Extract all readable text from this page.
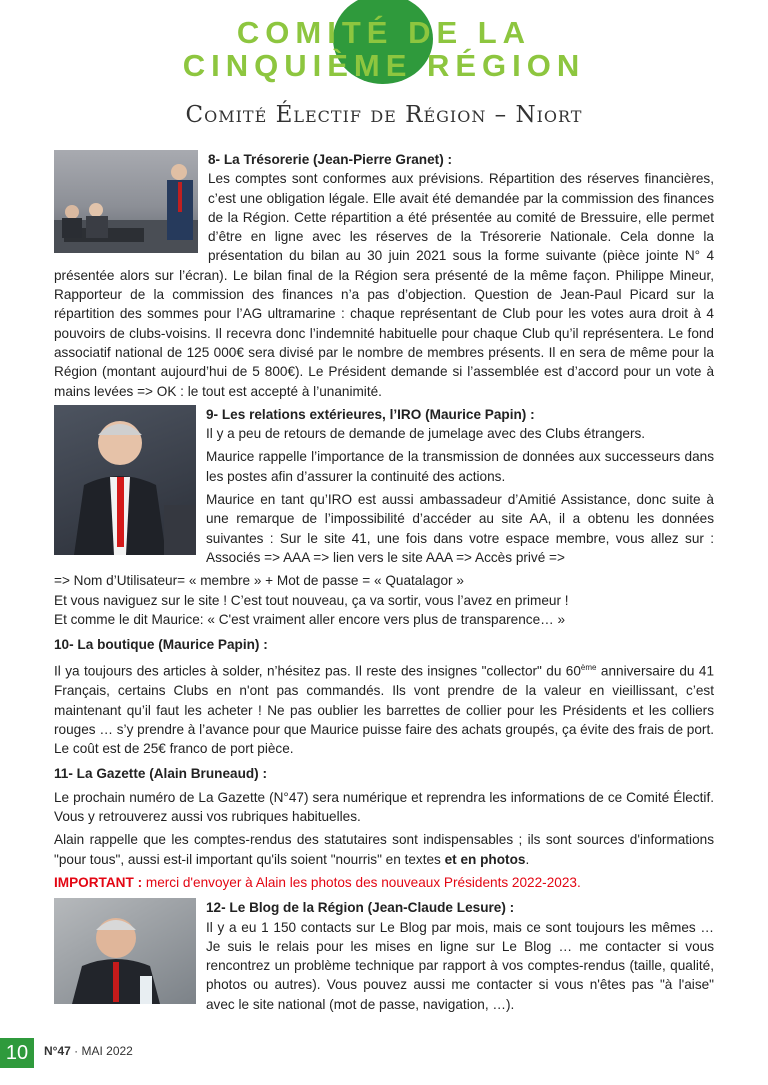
COMITÉ DE LA
CINQUIÈME RÉGION
Comité Électif de Région – Niort

8- La Trésorerie (Jean-Pierre Granet) :

Les comptes sont conformes aux prévisions. Répartition des réserves financières, c’est une obligation légale. Elle avait été demandée par la commission des finances de la Région. Cette répartition a été présentée au comité de Bressuire, elle permet d’être en ligne avec les réserves de la Trésorerie Nationale. Cela donne la présentation du bilan au 30 juin 2021 sous la forme suivante (pièce jointe N° 4 présentée alors sur l’écran). Le bilan final de la Région sera présenté de la même façon. Philippe Mineur, Rapporteur de la commission des finances n’a pas d’objection. Question de Jean-Paul Picard sur la répartition des sommes pour l’AG ultramarine : chaque représentant de Club pour les votes aura droit à 4 pouvoirs de clubs-voisins. Il recevra donc l’indemnité habituelle pour chaque Club qu’il représentera. Le fond associatif national de 125 000€ sera divisé par le nombre de membres présents. Il en sera de même pour la Région (montant aujourd’hui de 5 800€). Le Président demande si l’assemblée est d’accord pour un vote à mains levées => OK : le tout est accepté à l’unanimité.

9- Les relations extérieures, l’IRO (Maurice Papin) :

Il y a peu de retours de demande de jumelage avec des Clubs étrangers.

Maurice rappelle l’importance de la transmission de données aux successeurs dans les postes afin d’assurer la continuité des actions.

Maurice en tant qu’IRO est aussi ambassadeur d’Amitié Assistance, donc suite à une remarque de l’impossibilité d’accéder au site AA, il a obtenu les données suivantes : Sur le site 41, une fois dans votre espace membre, vous allez sur : Associés => AAA => lien vers le site AAA => Accès privé =>

=> Nom d’Utilisateur= « membre » + Mot de passe = « Quatalagor »

Et vous naviguez sur le site ! C’est tout nouveau, ça va sortir, vous l’avez en primeur !

Et comme le dit Maurice: « C'est vraiment aller encore vers plus de transparence… »

10- La boutique (Maurice Papin) :

Il ya toujours des articles à solder, n’hésitez pas. Il reste des insignes "collector" du 60ème anniversaire du 41 Français, certains Clubs en n'ont pas commandés. Ils vont prendre de la valeur en vieillissant, c’est maintenant qu’il faut les acheter ! Ne pas oublier les barrettes de collier pour les Présidents et les colliers rouges … s’y prendre à l’avance pour que Maurice puisse faire des achats groupés, ça évite des frais de port. Le coût est de 25€ franco de port pièce.

11- La Gazette (Alain Bruneaud) :

Le prochain numéro de La Gazette (N°47) sera numérique et reprendra les informations de ce Comité Électif. Vous y retrouverez aussi vos rubriques habituelles.

Alain rappelle que les comptes-rendus des statutaires sont indispensables ; ils sont sources d'informations "pour tous", aussi est-il important qu'ils soient "nourris" en textes et en photos.

IMPORTANT : merci d'envoyer à Alain les photos des nouveaux Présidents 2022-2023.

12- Le Blog de la Région (Jean-Claude Lesure) :

Il y a eu 1 150 contacts sur Le Blog par mois, mais ce sont toujours les mêmes … Je suis le relais pour les mises en ligne sur Le Blog … me contacter si vous rencontrez un problème technique par rapport à vos comptes-rendus (taille, qualité, photos ou autres). Vous pouvez aussi me contacter si vous n'êtes pas "à l'aise" avec le site national (mot de passe, navigation, …).

10	N°47 · MAI 2022
